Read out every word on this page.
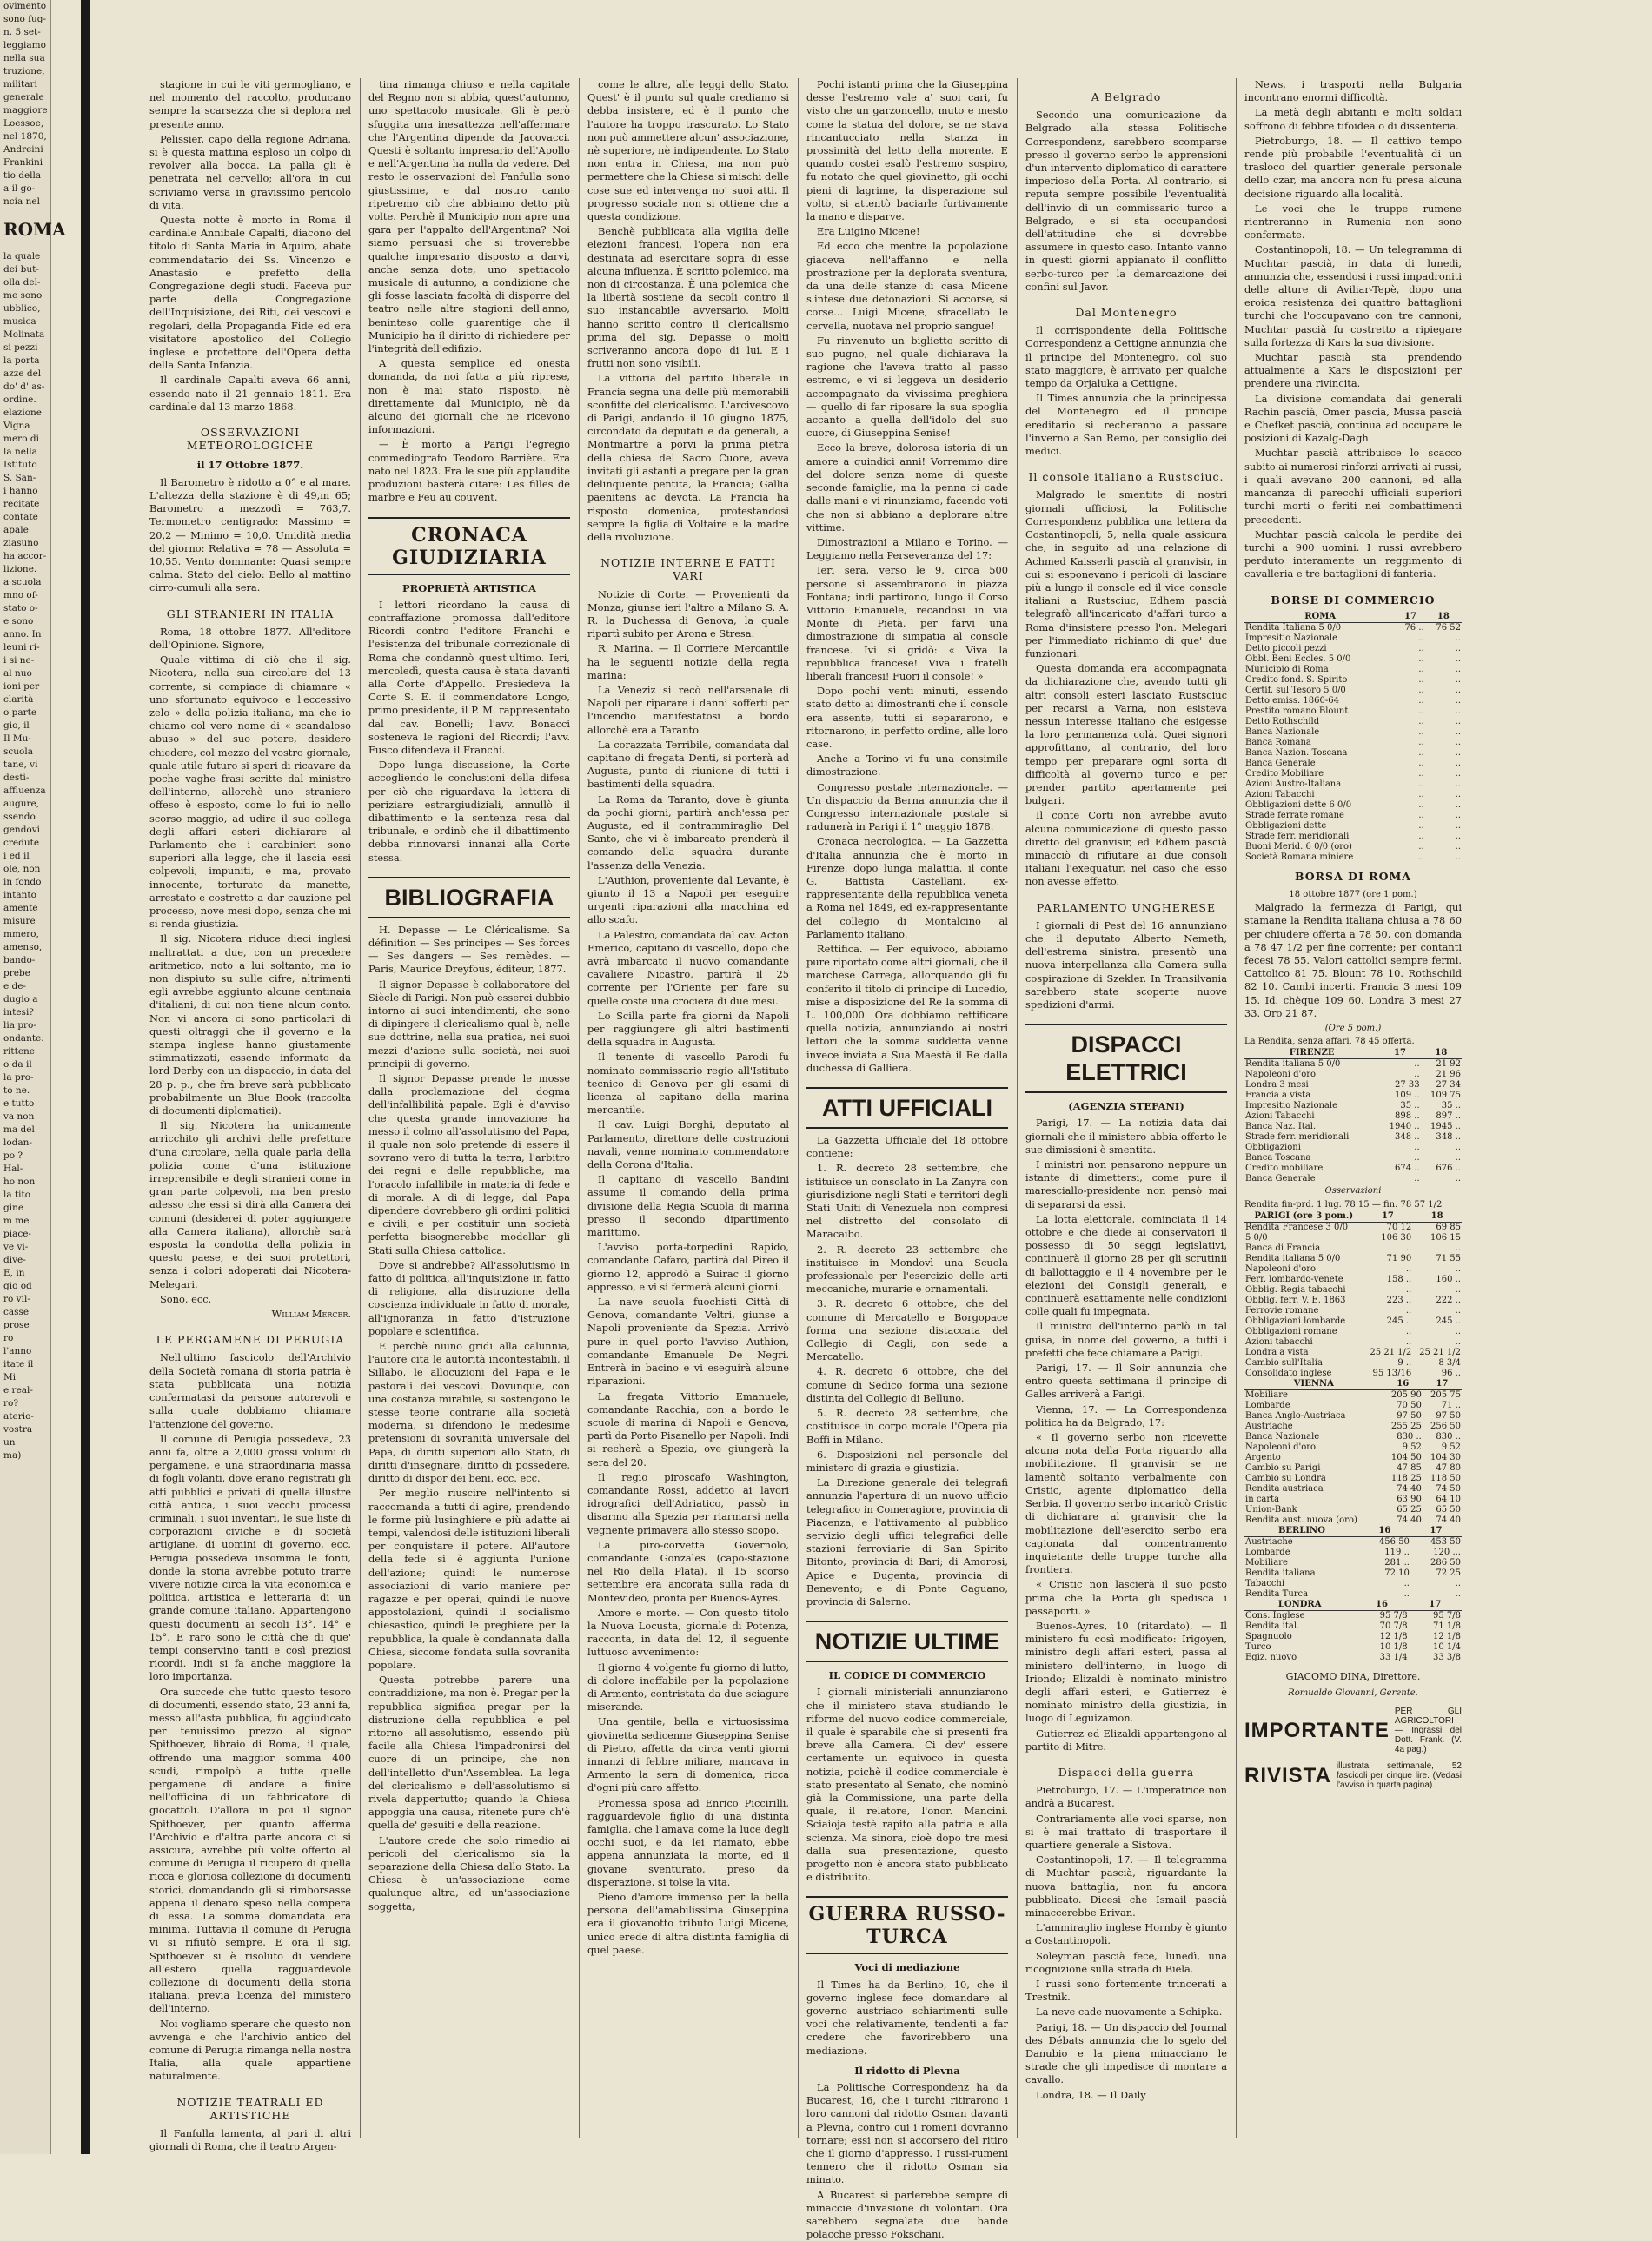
ovimento
sono fug-
n. 5 set-
leggiamo
nella sua
truzione,
militari
generale
maggiore
Loessoe,
nel 1870,
Andreini
Frankini
tio della
a il go-
ncia nel
ROMA
la quale
dei but-
olla del-
me sono
ubblico,
musica
Molinata
si pezzi
la porta
azze del
do' d' as-
ordine.
elazione
Vigna
mero di
la nella
Istituto
S. San-
i hanno
recitate
contate
apale
ziasuno
ha accor-
lizione.
a scuola
mno of-
stato o-
e sono
anno. In
leuni ri-
i si ne-
al nuo
ioni per
clarità
o parte
gio, il
Il Mu-
scuola
tane, vi
desti-
affluenza
augure,
ssendo
gendovi
credute
i ed il
ole, non
in fondo
intanto
amente
misure
mmero,
amenso,
bando-
prebe
e de-
dugio a
intesi?
lia pro-
ondante.
rittene
o da il
la pro-
to ne.
e tutto
va non
ma del
lodan-
po ?
Hal-
ho non
la tito
gine
m me
piace-
ve vi-
dive-
E, in
gio od
ro vil-
casse
prose
ro
l'anno
itate il
Mi
e real-
ro?
aterio-
vostra
un
ma)

stagione in cui le viti germogliano, e nel momento del raccolto, producano sempre la scarsezza che si deplora nel presente anno.

Pelissier, capo della regione Adriana, si è questa mattina esploso un colpo di revolver alla bocca. La palla gli è penetrata nel cervello; all'ora in cui scriviamo versa in gravissimo pericolo di vita.

Questa notte è morto in Roma il cardinale Annibale Capalti, diacono del titolo di Santa Maria in Aquiro, abate commendatario dei Ss. Vincenzo e Anastasio e prefetto della Congregazione degli studi. Faceva pur parte della Congregazione dell'Inquisizione, dei Riti, dei vescovi e regolari, della Propaganda Fide ed era visitatore apostolico del Collegio inglese e protettore dell'Opera detta della Santa Infanzia.

Il cardinale Capalti aveva 66 anni, essendo nato il 21 gennaio 1811. Era cardinale dal 13 marzo 1868.

OSSERVAZIONI METEOROLOGICHE
il 17 Ottobre 1877.

Il Barometro è ridotto a 0° e al mare. L'altezza della stazione è di 49,m 65; Barometro a mezzodì = 763,7. Termometro centigrado: Massimo = 20,2 — Minimo = 10,0. Umidità media del giorno: Relativa = 78 — Assoluta = 10,55. Vento dominante: Quasi sempre calma. Stato del cielo: Bello al mattino cirro-cumuli alla sera.

GLI STRANIERI IN ITALIA

Roma, 18 ottobre 1877. All'editore dell'Opinione. Signore,

Quale vittima di ciò che il sig. Nicotera, nella sua circolare del 13 corrente, si compiace di chiamare « uno sfortunato equivoco e l'eccessivo zelo » della polizia italiana, ma che io chiamo col vero nome di « scandaloso abuso » del suo potere, desidero chiedere, col mezzo del vostro giornale, quale utile futuro si speri di ricavare da poche vaghe frasi scritte dal ministro dell'interno, allorchè uno straniero offeso è esposto, come lo fui io nello scorso maggio, ad udire il suo collega degli affari esteri dichiarare al Parlamento che i carabinieri sono superiori alla legge, che il lascia essi colpevoli, impuniti, e ma, provato innocente, torturato da manette, arrestato e costretto a dar cauzione pel processo, nove mesi dopo, senza che mi si renda giustizia.

Il sig. Nicotera riduce dieci inglesi maltrattati a due, con un precedere aritmetico, noto a lui soltanto, ma io non dispiuto su sulle cifre, altrimenti egli avrebbe aggiunto alcune centinaia d'italiani, di cui non tiene alcun conto. Non vi ancora ci sono particolari di questi oltraggi che il governo e la stampa inglese hanno giustamente stimmatizzati, essendo informato da lord Derby con un dispaccio, in data del 28 p. p., che fra breve sarà pubblicato probabilmente un Blue Book (raccolta di documenti diplomatici).

Il sig. Nicotera ha unicamente arricchito gli archivi delle prefetture d'una circolare, nella quale parla della polizia come d'una istituzione irreprensibile e degli stranieri come in gran parte colpevoli, ma ben presto adesso che essi si dirà alla Camera dei comuni (desiderei di poter aggiungere alla Camera italiana), allorchè sarà esposta la condotta della polizia in questo paese, e dei suoi protettori, senza i colori adoperati dai Nicotera-Melegari.

Sono, ecc.

William Mercer.

LE PERGAMENE DI PERUGIA

Nell'ultimo fascicolo dell'Archivio della Società romana di storia patria è stata pubblicata una notizia confermatasi da persone autorevoli e sulla quale dobbiamo chiamare l'attenzione del governo.

Il comune di Perugia possedeva, 23 anni fa, oltre a 2,000 grossi volumi di pergamene, e una straordinaria massa di fogli volanti, dove erano registrati gli atti pubblici e privati di quella illustre città antica, i suoi vecchi processi criminali, i suoi inventari, le sue liste di corporazioni civiche e di società artigiane, di uomini di governo, ecc. Perugia possedeva insomma le fonti, donde la storia avrebbe potuto trarre vivere notizie circa la vita economica e politica, artistica e letteraria di un grande comune italiano. Appartengono questi documenti ai secoli 13°, 14° e 15°. E raro sono le città che di que' tempi conservino tanti e così preziosi ricordi. Indi si fa anche maggiore la loro importanza.

Ora succede che tutto questo tesoro di documenti, essendo stato, 23 anni fa, messo all'asta pubblica, fu aggiudicato per tenuissimo prezzo al signor Spithoever, libraio di Roma, il quale, offrendo una maggior somma 400 scudi, rimpolpò a tutte quelle pergamene di andare a finire nell'officina di un fabbricatore di giocattoli. D'allora in poi il signor Spithoever, per quanto afferma l'Archivio e d'altra parte ancora ci si assicura, avrebbe più volte offerto al comune di Perugia il ricupero di quella ricca e gloriosa collezione di documenti storici, domandando gli si rimborsasse appena il denaro speso nella compera di essa. La somma domandata era minima. Tuttavia il comune di Perugia vi si rifiutò sempre. E ora il sig. Spithoever si è risoluto di vendere all'estero quella ragguardevole collezione di documenti della storia italiana, previa licenza del ministero dell'interno.

Noi vogliamo sperare che questo non avvenga e che l'archivio antico del comune di Perugia rimanga nella nostra Italia, alla quale appartiene naturalmente.

NOTIZIE TEATRALI ED ARTISTICHE

Il Fanfulla lamenta, al pari di altri giornali di Roma, che il teatro Argen-

tina rimanga chiuso e nella capitale del Regno non si abbia, quest'autunno, uno spettacolo musicale. Gli è però sfuggita una inesattezza nell'affermare che l'Argentina dipende da Jacovacci. Questi è soltanto impresario dell'Apollo e nell'Argentina ha nulla da vedere. Del resto le osservazioni del Fanfulla sono giustissime, e dal nostro canto ripetremo ciò che abbiamo detto più volte. Perchè il Municipio non apre una gara per l'appalto dell'Argentina? Noi siamo persuasi che si troverebbe qualche impresario disposto a darvi, anche senza dote, uno spettacolo musicale di autunno, a condizione che gli fosse lasciata facoltà di disporre del teatro nelle altre stagioni dell'anno, beninteso colle guarentige che il Municipio ha il diritto di richiedere per l'integrità dell'edifizio.

A questa semplice ed onesta domanda, da noi fatta a più riprese, non è mai stato risposto, nè direttamente dal Municipio, nè da alcuno dei giornali che ne ricevono informazioni.

— È morto a Parigi l'egregio commediografo Teodoro Barrière. Era nato nel 1823. Fra le sue più applaudite produzioni basterà citare: Les filles de marbre e Feu au couvent.

CRONACA GIUDIZIARIA
PROPRIETÀ ARTISTICA

I lettori ricordano la causa di contraffazione promossa dall'editore Ricordi contro l'editore Franchi e l'esistenza del tribunale correzionale di Roma che condannò quest'ultimo. Ieri, mercoledì, questa causa è stata davanti alla Corte d'Appello. Presiedeva la Corte S. E. il commendatore Longo, primo presidente, il P. M. rappresentato dal cav. Bonelli; l'avv. Bonacci sosteneva le ragioni del Ricordi; l'avv. Fusco difendeva il Franchi.

Dopo lunga discussione, la Corte accogliendo le conclusioni della difesa per ciò che riguardava la lettera di periziare estrargiudiziali, annullò il dibattimento e la sentenza resa dal tribunale, e ordinò che il dibattimento debba rinnovarsi innanzi alla Corte stessa.

BIBLIOGRAFIA

H. Depasse — Le Cléricalisme. Sa définition — Ses principes — Ses forces — Ses dangers — Ses remèdes. — Paris, Maurice Dreyfous, éditeur, 1877.

Il signor Depasse è collaboratore del Siècle di Parigi. Non può esserci dubbio intorno ai suoi intendimenti, che sono di dipingere il clericalismo qual è, nelle sue dottrine, nella sua pratica, nei suoi mezzi d'azione sulla società, nei suoi principii di governo.

Il signor Depasse prende le mosse dalla proclamazione del dogma dell'infallibilità papale. Egli è d'avviso che questa grande innovazione ha messo il colmo all'assolutismo del Papa, il quale non solo pretende di essere il sovrano vero di tutta la terra, l'arbitro dei regni e delle repubbliche, ma l'oracolo infallibile in materia di fede e di morale. A di di legge, dal Papa dipendere dovrebbero gli ordini politici e civili, e per costituir una società perfetta bisognerebbe modellar gli Stati sulla Chiesa cattolica.

Dove si andrebbe? All'assolutismo in fatto di politica, all'inquisizione in fatto di religione, alla distruzione della coscienza individuale in fatto di morale, all'ignoranza in fatto d'istruzione popolare e scientifica.

E perchè niuno gridi alla calunnia, l'autore cita le autorità incontestabili, il Sillabo, le allocuzioni del Papa e le pastorali dei vescovi. Dovunque, con una costanza mirabile, si sostengono le stesse teorie contrarie alla società moderna, si difendono le medesime pretensioni di sovranità universale del Papa, di diritti superiori allo Stato, di diritti d'insegnare, diritto di possedere, diritto di dispor dei beni, ecc. ecc.

Per meglio riuscire nell'intento si raccomanda a tutti di agire, prendendo le forme più lusinghiere e più adatte ai tempi, valendosi delle istituzioni liberali per conquistare il potere. All'autore della fede si è aggiunta l'unione dell'azione; quindi le numerose associazioni di vario maniere per ragazze e per operai, quindi le nuove appostolazioni, quindi il socialismo chiesastico, quindi le preghiere per la repubblica, la quale è condannata dalla Chiesa, siccome fondata sulla sovranità popolare.

Questa potrebbe parere una contraddizione, ma non è. Pregar per la repubblica significa pregar per la distruzione della repubblica e pel ritorno all'assolutismo, essendo più facile alla Chiesa l'impadronirsi del cuore di un principe, che non dell'intelletto d'un'Assemblea. La lega del clericalismo e dell'assolutismo si rivela dappertutto; quando la Chiesa appoggia una causa, ritenete pure ch'è quella de' gesuiti e della reazione.

L'autore crede che solo rimedio ai pericoli del clericalismo sia la separazione della Chiesa dallo Stato. La Chiesa è un'associazione come qualunque altra, ed un'associazione soggetta,

come le altre, alle leggi dello Stato. Quest' è il punto sul quale crediamo si debba insistere, ed è il punto che l'autore ha troppo trascurato. Lo Stato non può ammettere alcun' associazione, nè superiore, nè indipendente. Lo Stato non entra in Chiesa, ma non può permettere che la Chiesa si mischi delle cose sue ed intervenga no' suoi atti. Il progresso sociale non si ottiene che a questa condizione.

Benchè pubblicata alla vigilia delle elezioni francesi, l'opera non era destinata ad esercitare sopra di esse alcuna influenza. È scritto polemico, ma non di circostanza. È una polemica che la libertà sostiene da secoli contro il suo instancabile avversario. Molti hanno scritto contro il clericalismo prima del sig. Depasse o molti scriveranno ancora dopo di lui. E i frutti non sono visibili.

La vittoria del partito liberale in Francia segna una delle più memorabili sconfitte del clericalismo. L'arcivescovo di Parigi, andando il 10 giugno 1875, circondato da deputati e da generali, a Montmartre a porvi la prima pietra della chiesa del Sacro Cuore, aveva invitati gli astanti a pregare per la gran delinquente pentita, la Francia; Gallia paenitens ac devota. La Francia ha risposto domenica, protestandosi sempre la figlia di Voltaire e la madre della rivoluzione.

NOTIZIE INTERNE E FATTI VARI

Notizie di Corte. — Provenienti da Monza, giunse ieri l'altro a Milano S. A. R. la Duchessa di Genova, la quale ripartì subito per Arona e Stresa.

R. Marina. — Il Corriere Mercantile ha le seguenti notizie della regia marina:

La Veneziz si recò nell'arsenale di Napoli per riparare i danni sofferti per l'incendio manifestatosi a bordo allorchè era a Taranto.

La corazzata Terribile, comandata dal capitano di fregata Denti, si porterà ad Augusta, punto di riunione di tutti i bastimenti della squadra.

La Roma da Taranto, dove è giunta da pochi giorni, partirà anch'essa per Augusta, ed il contrammiraglio Del Santo, che vi è imbarcato prenderà il comando della squadra durante l'assenza della Venezia.

L'Authion, proveniente dal Levante, è giunto il 13 a Napoli per eseguire urgenti riparazioni alla macchina ed allo scafo.

La Palestro, comandata dal cav. Acton Emerico, capitano di vascello, dopo che avrà imbarcato il nuovo comandante cavaliere Nicastro, partirà il 25 corrente per l'Oriente per fare su quelle coste una crociera di due mesi.

Lo Scilla parte fra giorni da Napoli per raggiungere gli altri bastimenti della squadra in Augusta.

Il tenente di vascello Parodi fu nominato commissario regio all'Istituto tecnico di Genova per gli esami di licenza al capitano della marina mercantile.

Il cav. Luigi Borghi, deputato al Parlamento, direttore delle costruzioni navali, venne nominato commendatore della Corona d'Italia.

Il capitano di vascello Bandini assume il comando della prima divisione della Regia Scuola di marina presso il secondo dipartimento marittimo.

L'avviso porta-torpedini Rapido, comandante Cafaro, partirà dal Pireo il giorno 12, approdò a Suirac il giorno appresso, e vi si fermerà alcuni giorni.

La nave scuola fuochisti Città di Genova, comandante Veltri, giunse a Napoli proveniente da Spezia. Arrivò pure in quel porto l'avviso Authion, comandante Emanuele De Negri. Entrerà in bacino e vi eseguirà alcune riparazioni.

La fregata Vittorio Emanuele, comandante Racchia, con a bordo le scuole di marina di Napoli e Genova, partì da Porto Pisanello per Napoli. Indi si recherà a Spezia, ove giungerà la sera del 20.

Il regio piroscafo Washington, comandante Rossi, addetto ai lavori idrografici dell'Adriatico, passò in disarmo alla Spezia per riarmarsi nella vegnente primavera allo stesso scopo.

La piro-corvetta Governolo, comandante Gonzales (capo-stazione nel Rio della Plata), il 15 scorso settembre era ancorata sulla rada di Montevideo, pronta per Buenos-Ayres.

Amore e morte. — Con questo titolo la Nuova Locusta, giornale di Potenza, racconta, in data del 12, il seguente luttuoso avvenimento:

Il giorno 4 volgente fu giorno di lutto, di dolore ineffabile per la popolazione di Armento, contristata da due sciagure miserande.

Una gentile, bella e virtuosissima giovinetta sedicenne Giuseppina Senise di Pietro, affetta da circa venti giorni innanzi di febbre miliare, mancava in Armento la sera di domenica, ricca d'ogni più caro affetto.

Promessa sposa ad Enrico Piccirilli, ragguardevole figlio di una distinta famiglia, che l'amava come la luce degli occhi suoi, e da lei riamato, ebbe appena annunziata la morte, ed il giovane sventurato, preso da disperazione, si tolse la vita.

Pieno d'amore immenso per la bella persona dell'amabilissima Giuseppina era il giovanotto tributo Luigi Micene, unico erede di altra distinta famiglia di quel paese.

Pochi istanti prima che la Giuseppina desse l'estremo vale a' suoi cari, fu visto che un garzoncello, muto e mesto come la statua del dolore, se ne stava rincantucciato nella stanza in prossimità del letto della morente. E quando costei esalò l'estremo sospiro, fu notato che quel giovinetto, gli occhi pieni di lagrime, la disperazione sul volto, si attentò baciarle furtivamente la mano e disparve.

Era Luigino Micene!

Ed ecco che mentre la popolazione giaceva nell'affanno e nella prostrazione per la deplorata sventura, da una delle stanze di casa Micene s'intese due detonazioni. Si accorse, si corse... Luigi Micene, sfracellato le cervella, nuotava nel proprio sangue!

Fu rinvenuto un biglietto scritto di suo pugno, nel quale dichiarava la ragione che l'aveva tratto al passo estremo, e vi si leggeva un desiderio accompagnato da vivissima preghiera — quello di far riposare la sua spoglia accanto a quella dell'idolo del suo cuore, di Giuseppina Senise!

Ecco la breve, dolorosa istoria di un amore a quindici anni! Vorremmo dire del dolore senza nome di queste seconde famiglie, ma la penna ci cade dalle mani e vi rinunziamo, facendo voti che non si abbiano a deplorare altre vittime.

Dimostrazioni a Milano e Torino. — Leggiamo nella Perseveranza del 17:

Ieri sera, verso le 9, circa 500 persone si assembrarono in piazza Fontana; indi partirono, lungo il Corso Vittorio Emanuele, recandosi in via Monte di Pietà, per farvi una dimostrazione di simpatia al console francese. Ivi si gridò: « Viva la repubblica francese! Viva i fratelli liberali francesi! Fuori il console! »

Dopo pochi venti minuti, essendo stato detto ai dimostranti che il console era assente, tutti si separarono, e ritornarono, in perfetto ordine, alle loro case.

Anche a Torino vi fu una consimile dimostrazione.

Congresso postale internazionale. — Un dispaccio da Berna annunzia che il Congresso internazionale postale si radunerà in Parigi il 1° maggio 1878.

Cronaca necrologica. — La Gazzetta d'Italia annunzia che è morto in Firenze, dopo lunga malattia, il conte G. Battista Castellani, ex-rappresentante della repubblica veneta a Roma nel 1849, ed ex-rappresentante del collegio di Montalcino al Parlamento italiano.

Rettifica. — Per equivoco, abbiamo pure riportato come altri giornali, che il marchese Carrega, allorquando gli fu conferito il titolo di principe di Lucedio, mise a disposizione del Re la somma di L. 100,000. Ora dobbiamo rettificare quella notizia, annunziando ai nostri lettori che la somma suddetta venne invece inviata a Sua Maestà il Re dalla duchessa di Galliera.

ATTI UFFICIALI

La Gazzetta Ufficiale del 18 ottobre contiene:

1. R. decreto 28 settembre, che istituisce un consolato in La Zanyra con giurisdizione negli Stati e territori degli Stati Uniti di Venezuela non compresi nel distretto del consolato di Maracaibo.

2. R. decreto 23 settembre che instituisce in Mondovì una Scuola professionale per l'esercizio delle arti meccaniche, murarie e ornamentali.

3. R. decreto 6 ottobre, che del comune di Mercatello e Borgopace forma una sezione distaccata del Collegio di Cagli, con sede a Mercatello.

4. R. decreto 6 ottobre, che del comune di Sedico forma una sezione distinta del Collegio di Belluno.

5. R. decreto 28 settembre, che costituisce in corpo morale l'Opera pia Boffi in Milano.

6. Disposizioni nel personale del ministero di grazia e giustizia.

La Direzione generale dei telegrafi annunzia l'apertura di un nuovo ufficio telegrafico in Comeragiore, provincia di Piacenza, e l'attivamento al pubblico servizio degli uffici telegrafici delle stazioni ferroviarie di San Spirito Bitonto, provincia di Bari; di Amorosi, Apice e Dugenta, provincia di Benevento; e di Ponte Caguano, provincia di Salerno.

NOTIZIE ULTIME
IL CODICE DI COMMERCIO

I giornali ministeriali annunziarono che il ministero stava studiando le riforme del nuovo codice commerciale, il quale è sparabile che si presenti fra breve alla Camera. Ci dev' essere certamente un equivoco in questa notizia, poichè il codice commerciale è stato presentato al Senato, che nominò già la Commissione, una parte della quale, il relatore, l'onor. Mancini. Sciaioja testè rapito alla patria e alla scienza. Ma sinora, cioè dopo tre mesi dalla sua presentazione, questo progetto non è ancora stato pubblicato e distribuito.

GUERRA RUSSO-TURCA
Voci di mediazione

Il Times ha da Berlino, 10, che il governo inglese fece domandare al governo austriaco schiarimenti sulle voci che relativamente, tendenti a far credere che favorirebbero una mediazione.

Il ridotto di Plevna

La Politische Correspondenz ha da Bucarest, 16, che i turchi ritirarono i loro cannoni dal ridotto Osman davanti a Plevna, contro cui i romeni dovranno tornare; essi non si accorsero del ritiro che il giorno d'appresso. I russi-rumeni tennero che il ridotto Osman sia minato.

A Bucarest si parlerebbe sempre di minaccie d'invasione di volontari. Ora sarebbero segnalate due bande polacche presso Fokschani.

A Belgrado

Secondo una comunicazione da Belgrado alla stessa Politische Correspondenz, sarebbero scomparse presso il governo serbo le apprensioni d'un intervento diplomatico di carattere imperioso della Porta. Al contrario, si reputa sempre possibile l'eventualità dell'invio di un commissario turco a Belgrado, e si sta occupandosi dell'attitudine che si dovrebbe assumere in questo caso. Intanto vanno in questi giorni appianato il conflitto serbo-turco per la demarcazione dei confini sul Javor.

Dal Montenegro

Il corrispondente della Politische Correspondenz a Cettigne annunzia che il principe del Montenegro, col suo stato maggiore, è arrivato per qualche tempo da Orjaluka a Cettigne.

Il Times annunzia che la principessa del Montenegro ed il principe ereditario si recheranno a passare l'inverno a San Remo, per consiglio dei medici.

Il console italiano a Rustsciuc.

Malgrado le smentite di nostri giornali ufficiosi, la Politische Correspondenz pubblica una lettera da Costantinopoli, 5, nella quale assicura che, in seguito ad una relazione di Achmed Kaisserli pascià al granvisir, in cui si esponevano i pericoli di lasciare più a lungo il console ed il vice console italiani a Rustsciuc, Edhem pascià telegrafò all'incaricato d'affari turco a Roma d'insistere presso l'on. Melegari per l'immediato richiamo di que' due funzionari.

Questa domanda era accompagnata da dichiarazione che, avendo tutti gli altri consoli esteri lasciato Rustsciuc per recarsi a Varna, non esisteva nessun interesse italiano che esigesse la loro permanenza colà. Quei signori approfittano, al contrario, del loro tempo per preparare ogni sorta di difficoltà al governo turco e per prender partito apertamente pei bulgari.

Il conte Corti non avrebbe avuto alcuna comunicazione di questo passo diretto del granvisir, ed Edhem pascià minacciò di rifiutare ai due consoli italiani l'exequatur, nel caso che esso non avesse effetto.

PARLAMENTO UNGHERESE

I giornali di Pest del 16 annunziano che il deputato Alberto Nemeth, dell'estrema sinistra, presentò una nuova interpellanza alla Camera sulla cospirazione di Szekler. In Transilvania sarebbero state scoperte nuove spedizioni d'armi.

DISPACCI ELETTRICI
(AGENZIA STEFANI)

Parigi, 17. — La notizia data dai giornali che il ministero abbia offerto le sue dimissioni è smentita.

I ministri non pensarono neppure un istante di dimettersi, come pure il maresciallo-presidente non pensò mai di separarsi da essi.

La lotta elettorale, cominciata il 14 ottobre e che diede ai conservatori il possesso di 50 seggi legislativi, continuerà il giorno 28 per gli scrutinii di ballottaggio e il 4 novembre per le elezioni dei Consigli generali, e continuerà esattamente nelle condizioni colle quali fu impegnata.

Il ministro dell'interno parlò in tal guisa, in nome del governo, a tutti i prefetti che fece chiamare a Parigi.

Parigi, 17. — Il Soir annunzia che entro questa settimana il principe di Galles arriverà a Parigi.

Vienna, 17. — La Correspondenza politica ha da Belgrado, 17:

« Il governo serbo non ricevette alcuna nota della Porta riguardo alla mobilitazione. Il granvisir se ne lamentò soltanto verbalmente con Cristic, agente diplomatico della Serbia. Il governo serbo incaricò Cristic di dichiarare al granvisir che la mobilitazione dell'esercito serbo era cagionata dal concentramento inquietante delle truppe turche alla frontiera.

« Cristic non lascierà il suo posto prima che la Porta gli spedisca i passaporti. »

Buenos-Ayres, 10 (ritardato). — Il ministero fu così modificato: Irigoyen, ministro degli affari esteri, passa al ministero dell'interno, in luogo di Iriondo; Elizaldi è nominato ministro degli affari esteri, e Gutierrez è nominato ministro della giustizia, in luogo di Leguizamon.

Gutierrez ed Elizaldi appartengono al partito di Mitre.

Dispacci della guerra

Pietroburgo, 17. — L'imperatrice non andrà a Bucarest.

Contrariamente alle voci sparse, non si è mai trattato di trasportare il quartiere generale a Sistova.

Costantinopoli, 17. — Il telegramma di Muchtar pascià, riguardante la nuova battaglia, non fu ancora pubblicato. Dicesi che Ismail pascià minaccerebbe Erivan.

L'ammiraglio inglese Hornby è giunto a Costantinopoli.

Soleyman pascià fece, lunedì, una ricognizione sulla strada di Biela.

I russi sono fortemente trincerati a Trestnik.

La neve cade nuovamente a Schipka.

Parigi, 18. — Un dispaccio del Journal des Débats annunzia che lo sgelo del Danubio e la piena minacciano le strade che gli impedisce di montare a cavallo.

Londra, 18. — Il Daily

News, i trasporti nella Bulgaria incontrano enormi difficoltà.

La metà degli abitanti e molti soldati soffrono di febbre tifoidea o di dissenteria.

Pietroburgo, 18. — Il cattivo tempo rende più probabile l'eventualità di un trasloco del quartier generale personale dello czar, ma ancora non fu presa alcuna decisione riguardo alla località.

Le voci che le truppe rumene rientreranno in Rumenia non sono confermate.

Costantinopoli, 18. — Un telegramma di Muchtar pascià, in data di lunedì, annunzia che, essendosi i russi impadroniti delle alture di Aviliar-Tepè, dopo una eroica resistenza dei quattro battaglioni turchi che l'occupavano con tre cannoni, Muchtar pascià fu costretto a ripiegare sulla fortezza di Kars la sua divisione.

Muchtar pascià sta prendendo attualmente a Kars le disposizioni per prendere una rivincita.

La divisione comandata dai generali Rachin pascià, Omer pascià, Mussa pascià e Chefket pascià, continua ad occupare le posizioni di Kazalg-Dagh.

Muchtar pascià attribuisce lo scacco subito ai numerosi rinforzi arrivati ai russi, i quali avevano 200 cannoni, ed alla mancanza di parecchi ufficiali superiori turchi morti o feriti nei combattimenti precedenti.

Muchtar pascià calcola le perdite dei turchi a 900 uomini. I russi avrebbero perduto interamente un reggimento di cavalleria e tre battaglioni di fanteria.

BORSE DI COMMERCIO
ROMA	17	18
Rendita Italiana 5 0/0	76 ..	76 52
Impresitio Nazionale	..	..
Detto piccoli pezzi	..	..
Obbl. Beni Eccles. 5 0/0	..	..
Municipio di Roma	..	..
Credito fond. S. Spirito	..	..
Certif. sul Tesoro 5 0/0	..	..
Detto emiss. 1860-64	..	..
Prestito romano Blount	..	..
Detto Rothschild	..	..
Banca Nazionale	..	..
Banca Romana	..	..
Banca Nazion. Toscana	..	..
Banca Generale	..	..
Credito Mobiliare	..	..
Azioni Austro-Italiana	..	..
Azioni Tabacchi	..	..
Obbligazioni dette 6 0/0	..	..
Strade ferrate romane	..	..
Obbligazioni dette	..	..
Strade ferr. meridionali	..	..
Buoni Merid. 6 0/0 (oro)	..	..
Società Romana miniere	..	..
BORSA DI ROMA
18 ottobre 1877 (ore 1 pom.)

Malgrado la fermezza di Parigi, qui stamane la Rendita italiana chiusa a 78 60 per chiudere offerta a 78 50, con domanda a 78 47 1/2 per fine corrente; per contanti fecesi 78 55. Valori cattolici sempre fermi. Cattolico 81 75. Blount 78 10. Rothschild 82 10. Cambi incerti. Francia 3 mesi 109 15. Id. chèque 109 60. Londra 3 mesi 27 33. Oro 21 87.

(Ore 5 pom.)
La Rendita, senza affari, 78 45 offerta.
FIRENZE	17	18
Rendita italiana 5 0/0	..	21 92
Napoleoni d'oro	..	21 96
Londra 3 mesi	27 33	27 34
Francia a vista	109 ..	109 75
Impresitio Nazionale	35 ..	35 ..
Azioni Tabacchi	898 ..	897 ..
Banca Naz. Ital.	1940 ..	1945 ..
Strade ferr. meridionali	348 ..	348 ..
Obbligazioni	..	..
Banca Toscana	..	..
Credito mobiliare	674 ..	676 ..
Banca Generale	..	..
Osservazioni
Rendita fin-prd. 1 lug. 78 15 — fin. 78 57 1/2
PARIGI (ore 3 pom.)	17	18
Rendita Francese 3 0/0	70 12	69 85
5 0/0	106 30	106 15
Banca di Francia	..	..
Rendita italiana 5 0/0	71 90	71 55
Napoleoni d'oro	..	..
Ferr. lombardo-venete	158 ..	160 ..
Obblig. Regia tabacchi	..	..
Obblig. ferr. V. E. 1863	223 ..	222 ..
Ferrovie romane	..	..
Obbligazioni lombarde	245 ..	245 ..
Obbligazioni romane	..	..
Azioni tabacchi	..	..
Londra a vista	25 21 1/2	25 21 1/2
Cambio sull'Italia	9 ..	8 3/4
Consolidato inglese	95 13/16	96 ..
VIENNA	16	17
Mobiliare	205 90	205 75
Lombarde	70 50	71 ..
Banca Anglo-Austriaca	97 50	97 50
Austriache	255 25	256 50
Banca Nazionale	830 ..	830 ..
Napoleoni d'oro	9 52	9 52
Argento	104 50	104 30
Cambio su Parigi	47 85	47 80
Cambio su Londra	118 25	118 50
Rendita austriaca	74 40	74 50
in carta	63 90	64 10
Union-Bank	65 25	65 50
Rendita aust. nuova (oro)	74 40	74 40
BERLINO	16	17
Austriache	456 50	453 50
Lombarde	119 ..	120 ...
Mobiliare	281 ..	286 50
Rendita italiana	72 10	72 25
Tabacchi	..	..
Rendita Turca	..	..
LONDRA	16	17
Cons. Inglese	95 7/8	95 7/8
Rendita ital.	70 7/8	71 1/8
Spagnuolo	12 1/8	12 1/8
Turco	10 1/8	10 1/4
Egiz. nuovo	33 1/4	33 3/8
GIACOMO DINA, Direttore.
Romualdo Giovanni, Gerente.
IMPORTANTE
PER GLI AGRICOLTORI — Ingrassi del Dott. Frank. (V. 4a pag.)
RIVISTA illustrata settimanale, 52 fascicoli per cinque lire. (Vedasi l'avviso in quarta pagina).
